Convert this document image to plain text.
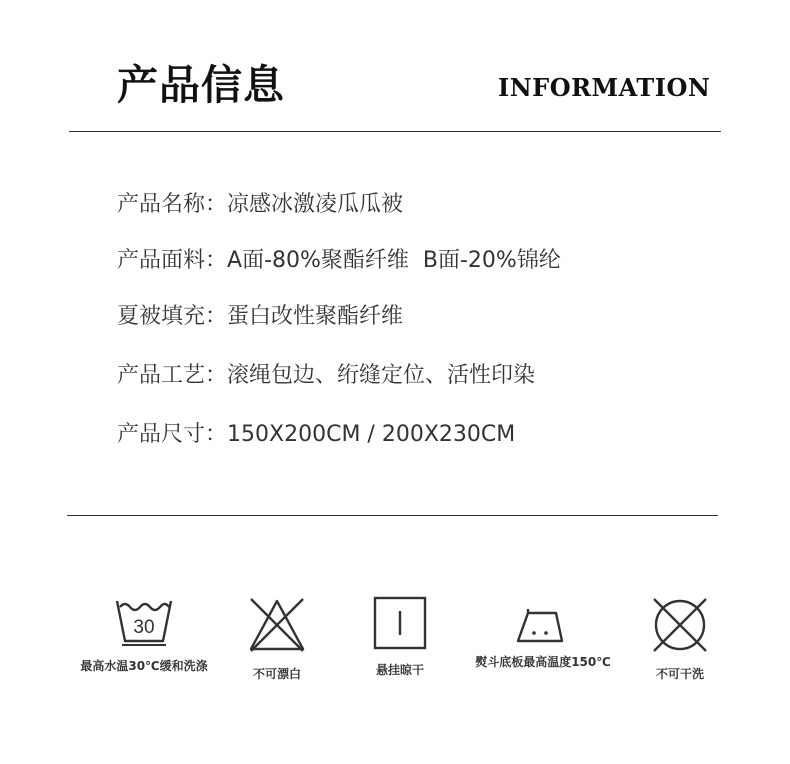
产品信息	INFORMATION
产品名称：凉感冰激凌瓜瓜被
产品面料：A面-80%聚酯纤维  B面-20%锦纶
夏被填充：蛋白改性聚酯纤维
产品工艺：滚绳包边、绗缝定位、活性印染
产品尺寸：150X200CM / 200X230CM
30
最高水温30℃缓和洗涤
不可漂白	悬挂晾干
熨斗底板最高温度150℃
不可干洗
